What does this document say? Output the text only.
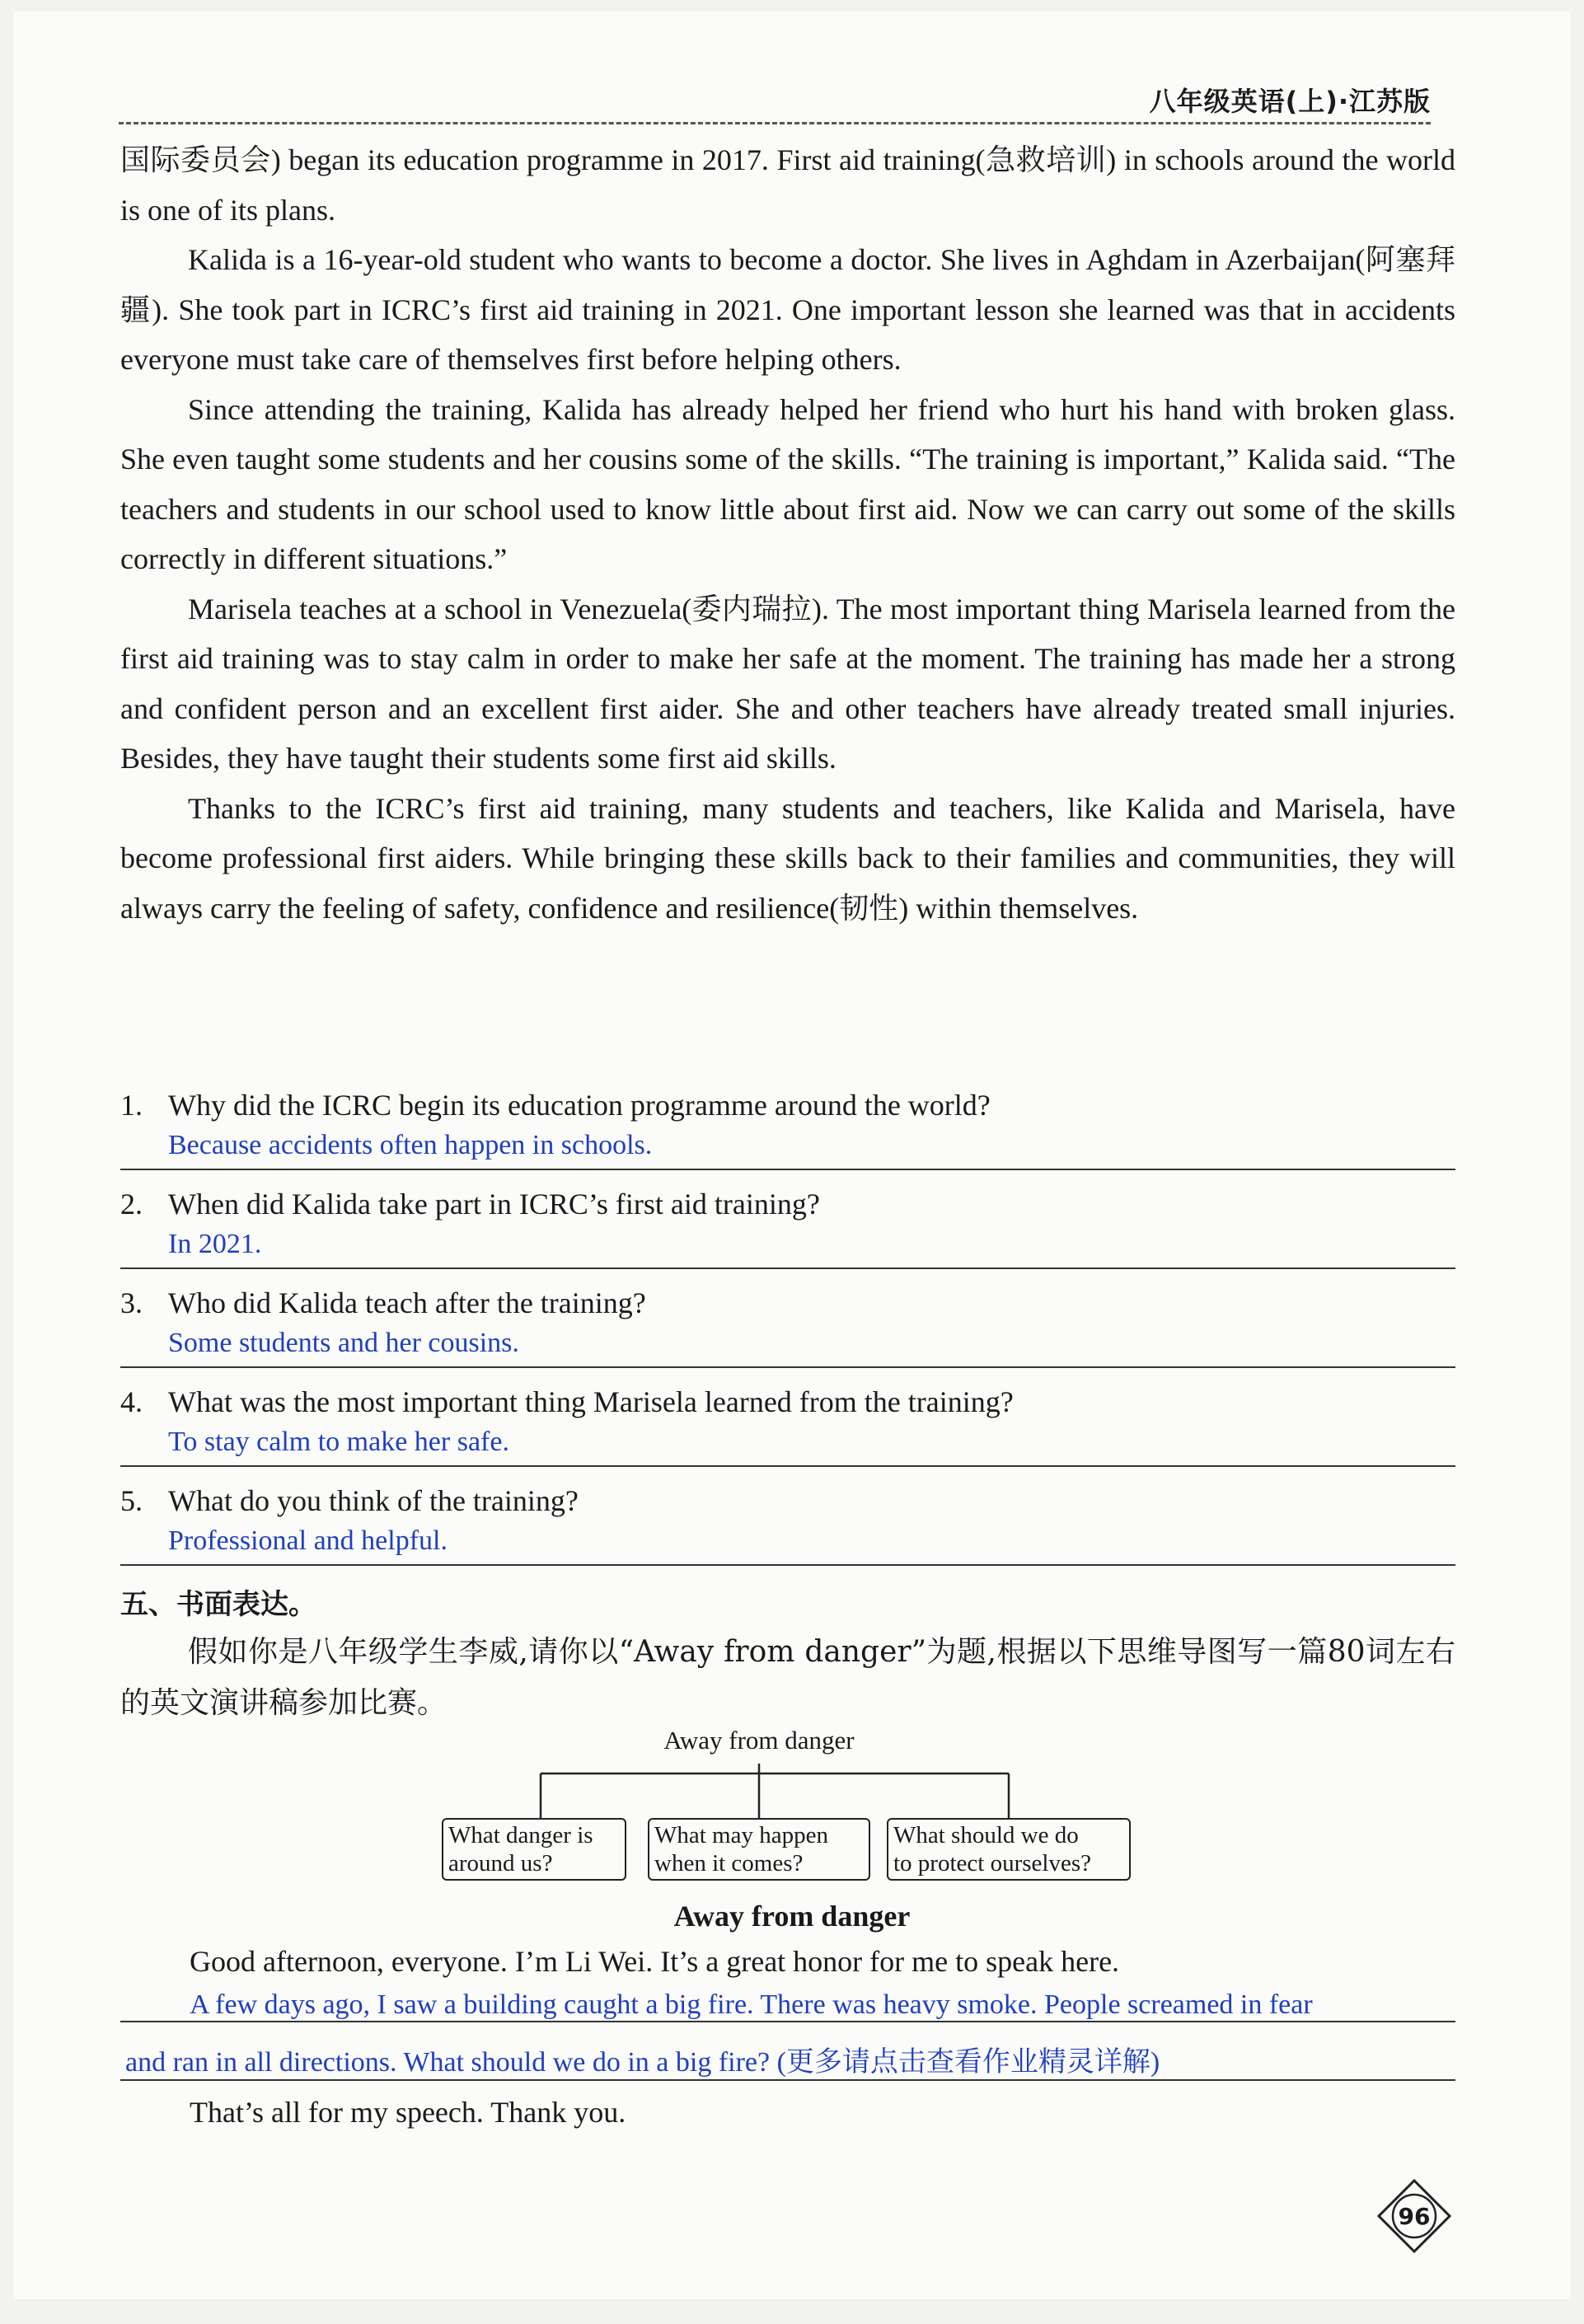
八年级英语(上)·江苏版

国际委员会) began its education programme in 2017. First aid training(急救培训) in schools around the world is one of its plans.

Kalida is a 16-year-old student who wants to become a doctor. She lives in Aghdam in Azerbaijan(阿塞拜疆). She took part in ICRC’s first aid training in 2021. One important lesson she learned was that in accidents everyone must take care of themselves first before helping others.

Since attending the training, Kalida has already helped her friend who hurt his hand with broken glass. She even taught some students and her cousins some of the skills. “The training is important,” Kalida said. “The teachers and students in our school used to know little about first aid. Now we can carry out some of the skills correctly in different situations.”

Marisela teaches at a school in Venezuela(委内瑞拉). The most important thing Marisela learned from the first aid training was to stay calm in order to make her safe at the moment. The training has made her a strong and confident person and an excellent first aider. She and other teachers have already treated small injuries. Besides, they have taught their students some first aid skills.

Thanks to the ICRC’s first aid training, many students and teachers, like Kalida and Marisela, have become professional first aiders. While bringing these skills back to their families and communities, they will always carry the feeling of safety, confidence and resilience(韧性) within themselves.

1. Why did the ICRC begin its education programme around the world?
Because accidents often happen in schools.
2. When did Kalida take part in ICRC’s first aid training?
In 2021.
3. Who did Kalida teach after the training?
Some students and her cousins.
4. What was the most important thing Marisela learned from the training?
To stay calm to make her safe.
5. What do you think of the training?
Professional and helpful.
五、书面表达。
假如你是八年级学生李威,请你以“Away from danger”为题,根据以下思维导图写一篇80词左右的英文演讲稿参加比赛。
Away from danger
What danger is
around us?
What may happen
when it comes?
What should we do
to protect ourselves?
Away from danger
Good afternoon, everyone. I’m Li Wei. It’s a great honor for me to speak here.
A few days ago, I saw a building caught a big fire. There was heavy smoke. People screamed in fear
and ran in all directions. What should we do in a big fire? (更多请点击查看作业精灵详解)
That’s all for my speech. Thank you.
96
